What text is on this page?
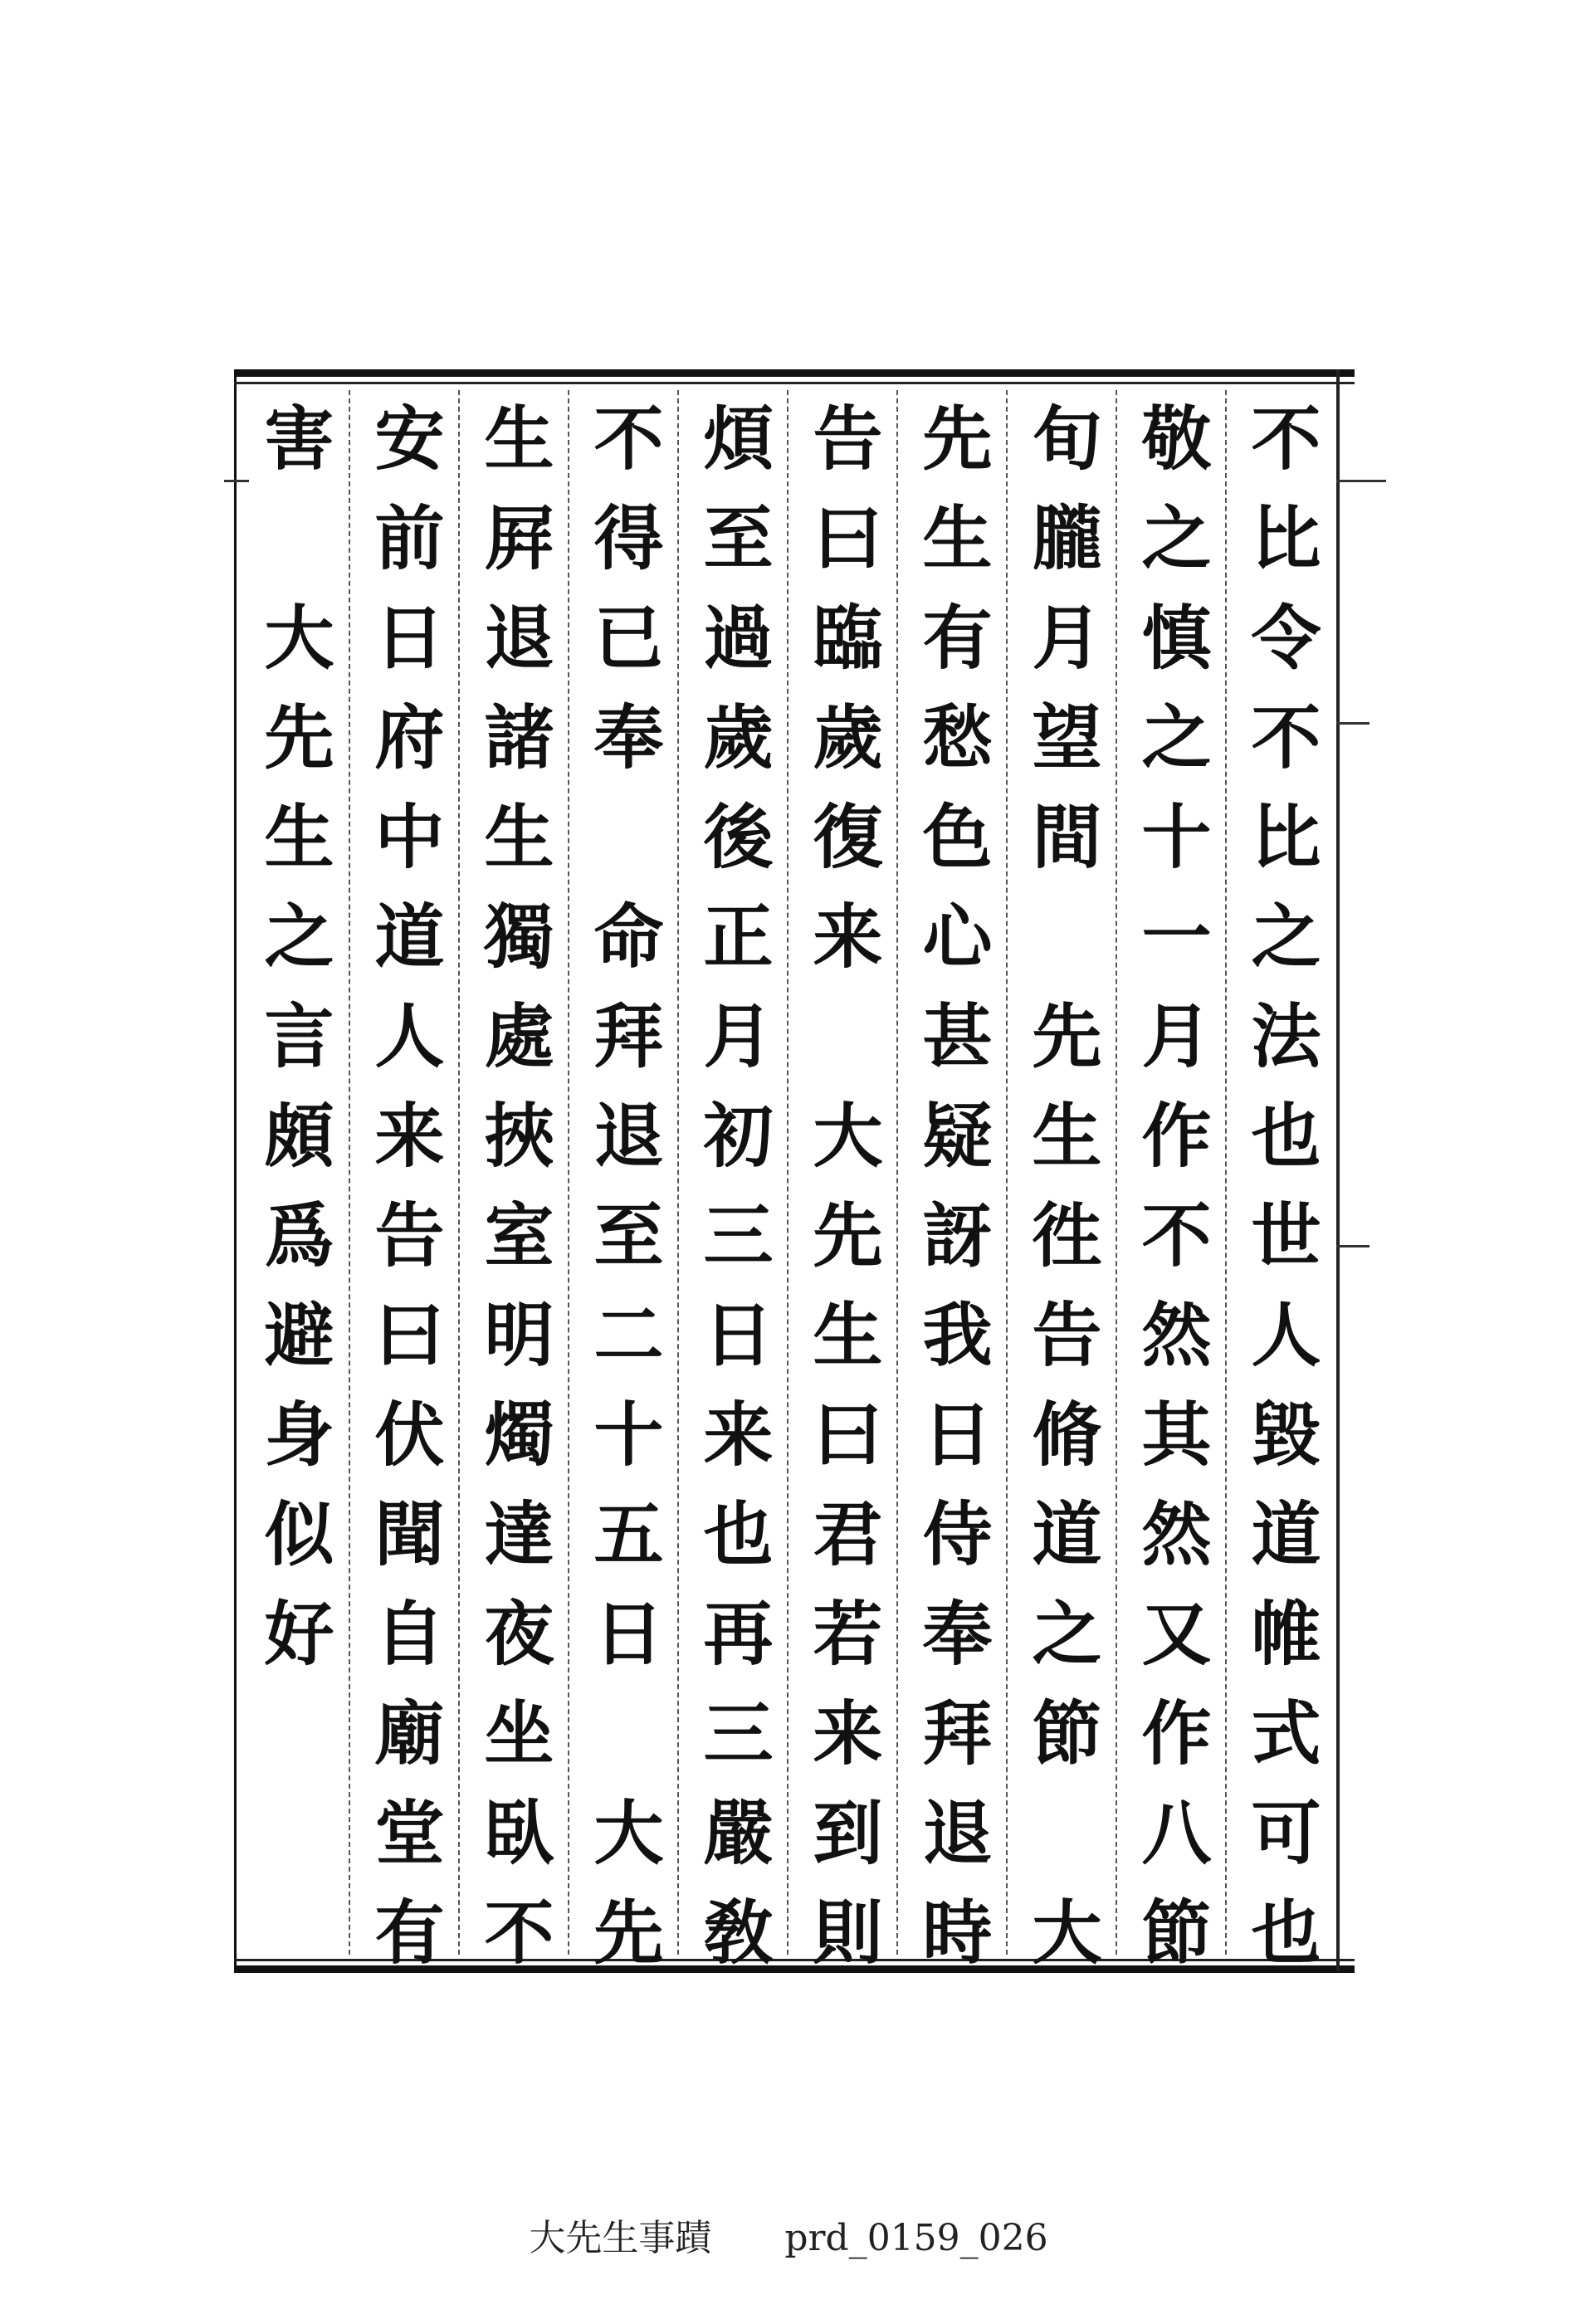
不比令不比之法也世人毀道帷式可也
敬之慎之十一月作不然其然又作八節
旬朧月望間　先生徃告脩道之節　大
先生有愁色心甚疑訝我日侍奉拜退時
告曰臨歲復来　大先生曰君若来到則
煩至過歲後正月初三日来也再三嚴敎
不得已奉　命拜退至二十五日　大先
生屛退諸生獨處挾室明燭達夜坐臥不
安前日府中道人来告曰伏聞自廟堂有
害　大先生之言頗爲避身似好
大先生事蹟 prd_0159_026
